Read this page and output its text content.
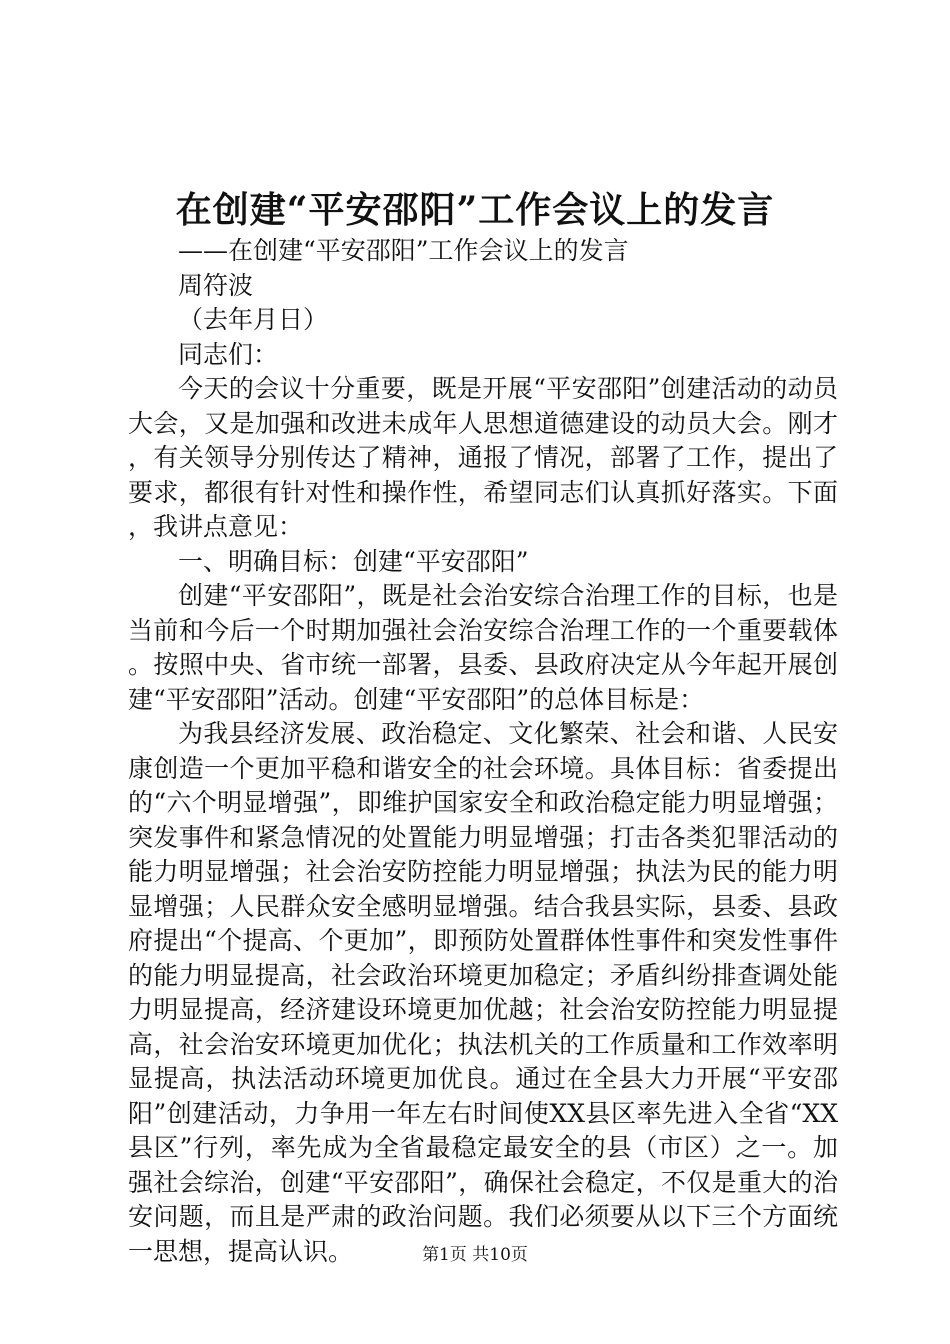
在创建“平安邵阳”工作会议上的发言

——在创建“平安邵阳”工作会议上的发言

周符波

（去年月日）

同志们：

今天的会议十分重要，既是开展“平安邵阳”创建活动的动员大会，又是加强和改进未成年人思想道德建设的动员大会。刚才，有关领导分别传达了精神，通报了情况，部署了工作，提出了要求，都很有针对性和操作性，希望同志们认真抓好落实。下面，我讲点意见：

一、明确目标：创建“平安邵阳”

创建“平安邵阳”，既是社会治安综合治理工作的目标，也是当前和今后一个时期加强社会治安综合治理工作的一个重要载体。按照中央、省市统一部署，县委、县政府决定从今年起开展创建“平安邵阳”活动。创建“平安邵阳”的总体目标是：

为我县经济发展、政治稳定、文化繁荣、社会和谐、人民安康创造一个更加平稳和谐安全的社会环境。具体目标：省委提出的“六个明显增强”，即维护国家安全和政治稳定能力明显增强；突发事件和紧急情况的处置能力明显增强；打击各类犯罪活动的能力明显增强；社会治安防控能力明显增强；执法为民的能力明显增强；人民群众安全感明显增强。结合我县实际，县委、县政府提出“个提高、个更加”，即预防处置群体性事件和突发性事件的能力明显提高，社会政治环境更加稳定；矛盾纠纷排查调处能力明显提高，经济建设环境更加优越；社会治安防控能力明显提高，社会治安环境更加优化；执法机关的工作质量和工作效率明显提高，执法活动环境更加优良。通过在全县大力开展“平安邵阳”创建活动，力争用一年左右时间使XX县区率先进入全省“XX县区”行列，率先成为全省最稳定最安全的县（市区）之一。加强社会综治，创建“平安邵阳”，确保社会稳定，不仅是重大的治安问题，而且是严肃的政治问题。我们必须要从以下三个方面统一思想，提高认识。	第1页 共10页
